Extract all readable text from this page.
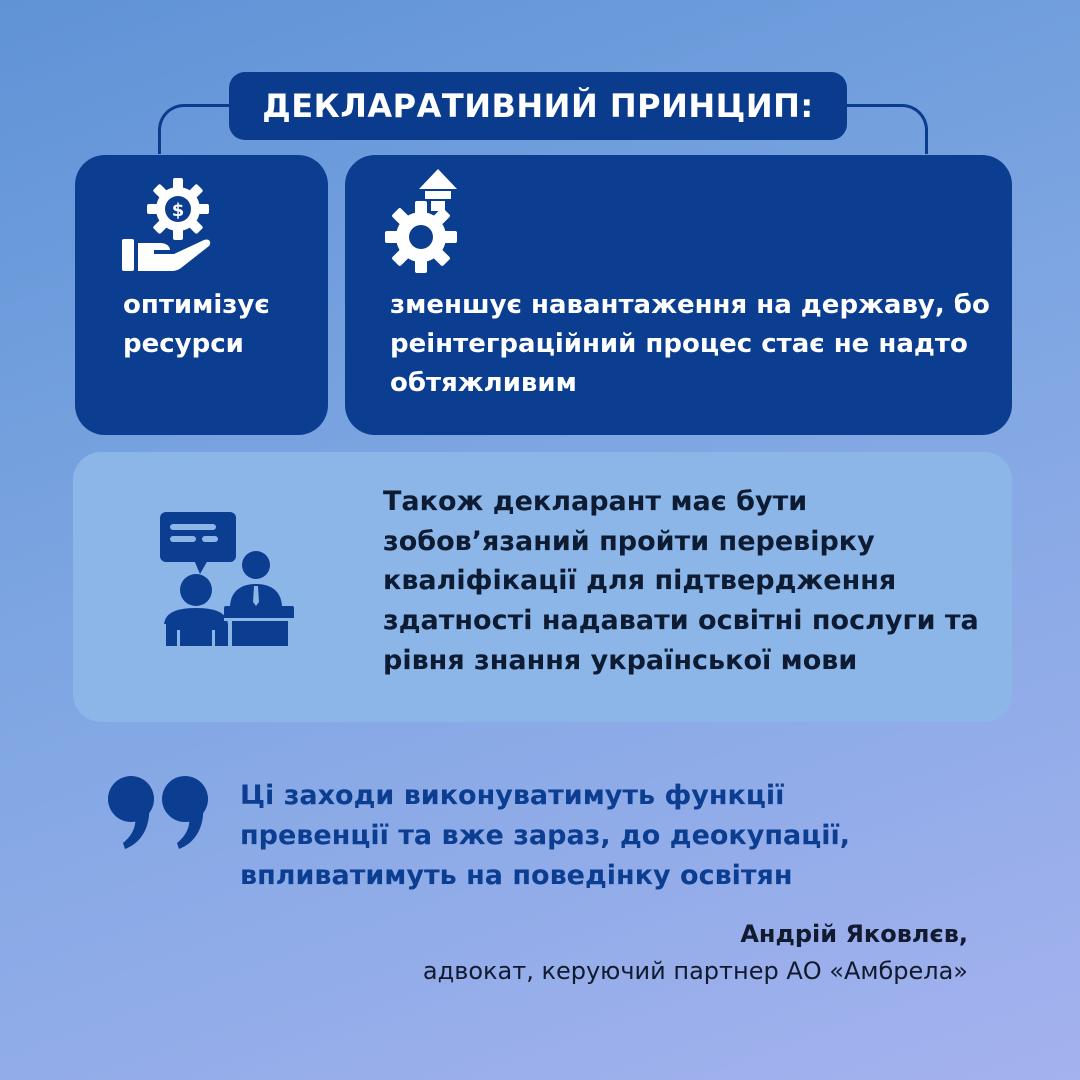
ДЕКЛАРАТИВНИЙ ПРИНЦИП:
$
оптимізує ресурси
зменшує навантаження на державу, бо реінтеграційний процес стає не надто обтяжливим
Також декларант має бути зобов’язаний пройти перевірку кваліфікації для підтвердження здатності надавати освітні послуги та рівня знання української мови
Ці заходи виконуватимуть функції превенції та вже зараз, до деокупації, впливатимуть на поведінку освітян
Андрій Яковлєв,
адвокат, керуючий партнер АО «Амбрела»
